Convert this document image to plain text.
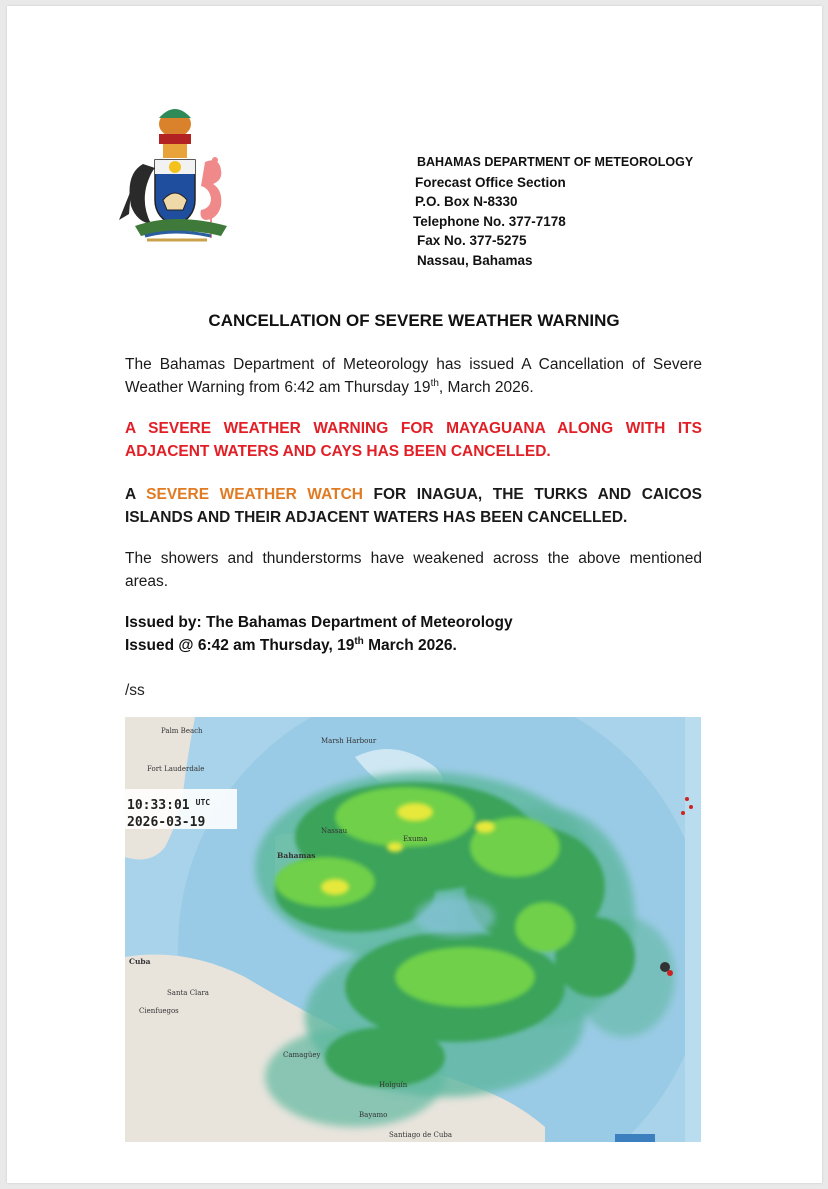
BAHAMAS DEPARTMENT OF METEOROLOGY
Forecast Office Section
P.O. Box N-8330
Telephone No. 377-7178
Fax No. 377-5275
Nassau, Bahamas
CANCELLATION OF SEVERE WEATHER WARNING
The Bahamas Department of Meteorology has issued A Cancellation of Severe Weather Warning from 6:42 am Thursday 19th, March 2026.
A SEVERE WEATHER WARNING FOR MAYAGUANA ALONG WITH ITS ADJACENT WATERS AND CAYS HAS BEEN CANCELLED.
A SEVERE WEATHER WATCH FOR INAGUA, THE TURKS AND CAICOS ISLANDS AND THEIR ADJACENT WATERS HAS BEEN CANCELLED.
The showers and thunderstorms have weakened across the above mentioned areas.
Issued by: The Bahamas Department of Meteorology
Issued @ 6:42 am Thursday, 19th March 2026.
/ss
10:33:01 $^{UTC}$
2026-03-19
Palm Beach
Fort Lauderdale
Marsh Harbour
Nassau
Exuma
Bahamas
Cuba
Santa Clara
Cienfuegos
Camagüey
Holguín
Bayamo
Santiago de Cuba
